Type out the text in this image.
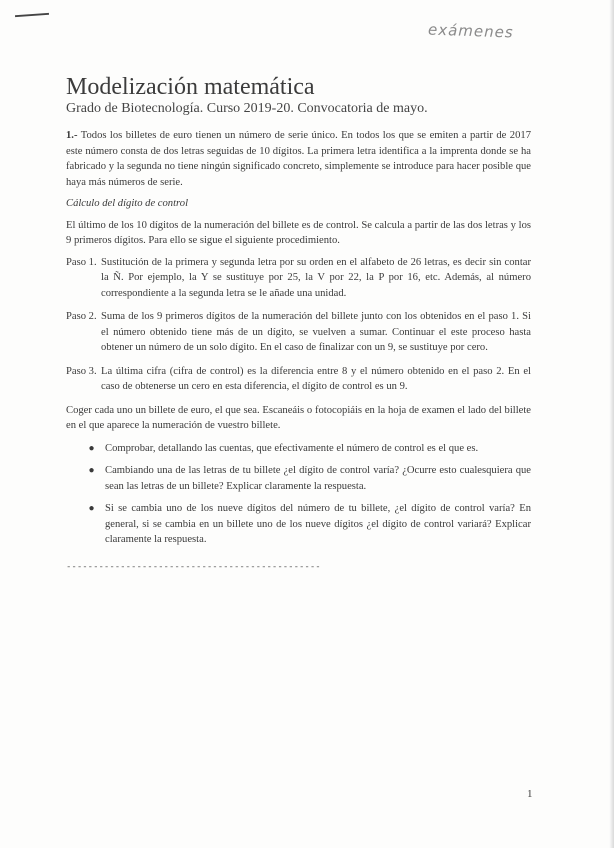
exámenes
Modelización matemática
Grado de Biotecnología. Curso 2019-20. Convocatoria de mayo.

1.- Todos los billetes de euro tienen un número de serie único. En todos los que se emiten a partir de 2017 este número consta de dos letras seguidas de 10 dígitos. La primera letra identifica a la imprenta donde se ha fabricado y la segunda no tiene ningún significado concreto, simplemente se introduce para hacer posible que haya más números de serie.

Cálculo del dígito de control

El último de los 10 dígitos de la numeración del billete es de control. Se calcula a partir de las dos letras y los 9 primeros dígitos. Para ello se sigue el siguiente procedimiento.

Paso 1. Sustitución de la primera y segunda letra por su orden en el alfabeto de 26 letras, es decir sin contar la Ñ. Por ejemplo, la Y se sustituye por 25, la V por 22, la P por 16, etc. Además, al número correspondiente a la segunda letra se le añade una unidad.
Paso 2. Suma de los 9 primeros dígitos de la numeración del billete junto con los obtenidos en el paso 1. Si el número obtenido tiene más de un dígito, se vuelven a sumar. Continuar el este proceso hasta obtener un número de un solo dígito. En el caso de finalizar con un 9, se sustituye por cero.
Paso 3. La última cifra (cifra de control) es la diferencia entre 8 y el número obtenido en el paso 2. En el caso de obtenerse un cero en esta diferencia, el dígito de control es un 9.

Coger cada uno un billete de euro, el que sea. Escaneáis o fotocopiáis en la hoja de examen el lado del billete en el que aparece la numeración de vuestro billete.

● Comprobar, detallando las cuentas, que efectivamente el número de control es el que es.
● Cambiando una de las letras de tu billete ¿el dígito de control varía? ¿Ocurre esto cualesquiera que sean las letras de un billete? Explicar claramente la respuesta.
● Si se cambia uno de los nueve dígitos del número de tu billete, ¿el dígito de control varía? En general, si se cambia en un billete uno de los nueve dígitos ¿el dígito de control variará? Explicar claramente la respuesta.
-----------------------------------------------
1
